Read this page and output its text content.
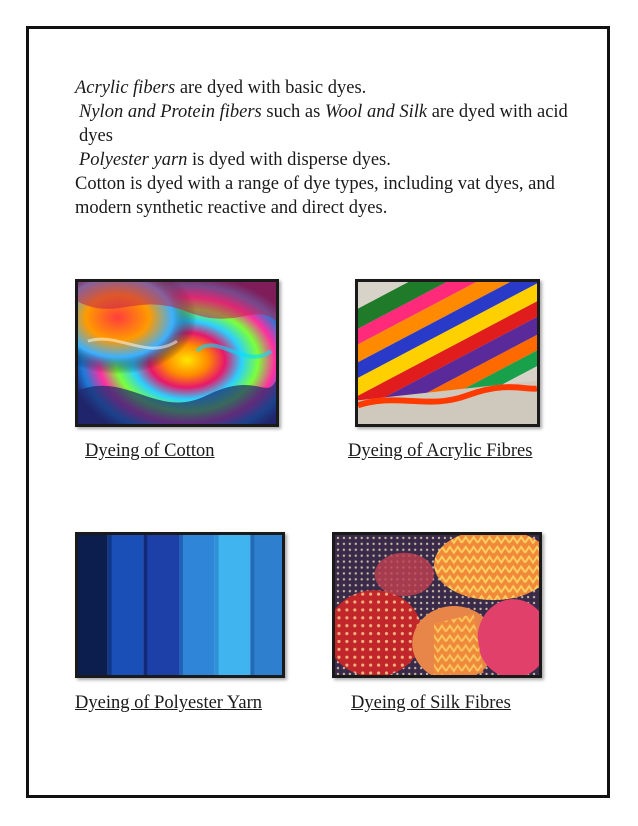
Acrylic fibers are dyed with basic dyes.

Nylon and Protein fibers such as Wool and Silk are dyed with acid dyes

Polyester yarn is dyed with disperse dyes.

Cotton is dyed with a range of dye types, including vat dyes, and modern synthetic reactive and direct dyes.

Dyeing of Cotton	Dyeing of Acrylic Fibres
Dyeing of Polyester Yarn	Dyeing of Silk Fibres
